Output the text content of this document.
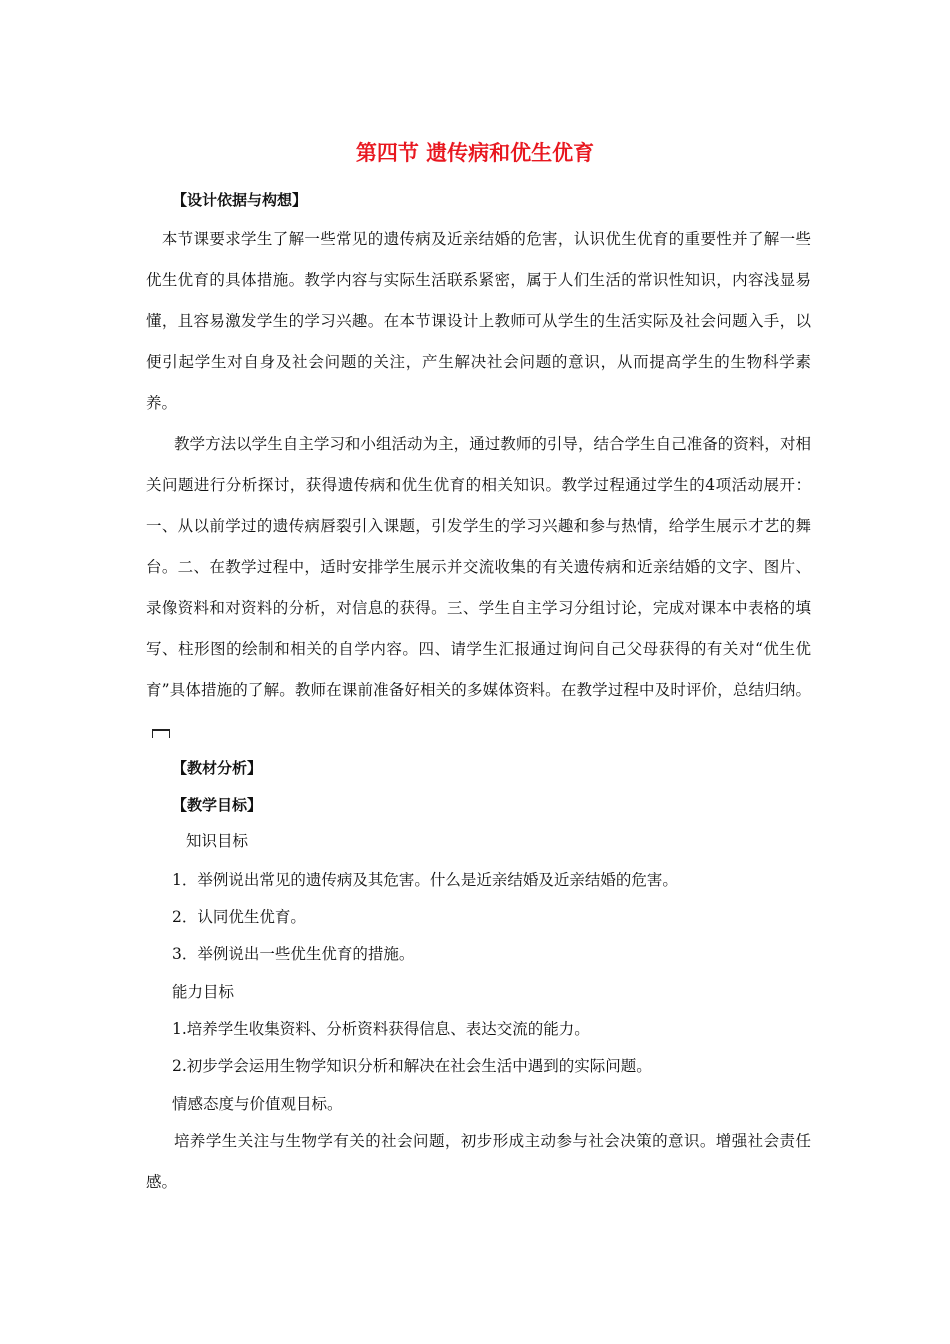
第四节 遗传病和优生优育
【设计依据与构想】

　本节课要求学生了解一些常见的遗传病及近亲结婚的危害，认识优生优育的重要性并了解一些优生优育的具体措施。教学内容与实际生活联系紧密，属于人们生活的常识性知识，内容浅显易懂，且容易激发学生的学习兴趣。在本节课设计上教师可从学生的生活实际及社会问题入手，以便引起学生对自身及社会问题的关注，产生解决社会问题的意识，从而提高学生的生物科学素养。

教学方法以学生自主学习和小组活动为主，通过教师的引导，结合学生自己准备的资料，对相关问题进行分析探讨，获得遗传病和优生优育的相关知识。教学过程通过学生的4项活动展开：一、从以前学过的遗传病唇裂引入课题，引发学生的学习兴趣和参与热情，给学生展示才艺的舞台。二、在教学过程中，适时安排学生展示并交流收集的有关遗传病和近亲结婚的文字、图片、录像资料和对资料的分析，对信息的获得。三、学生自主学习分组讨论，完成对课本中表格的填写、柱形图的绘制和相关的自学内容。四、请学生汇报通过询问自己父母获得的有关对“优生优育”具体措施的了解。教师在课前准备好相关的多媒体资料。在教学过程中及时评价，总结归纳。

【教材分析】
【教学目标】
知识目标
1．举例说出常见的遗传病及其危害。什么是近亲结婚及近亲结婚的危害。
2．认同优生优育。
3．举例说出一些优生优育的措施。
能力目标
1.培养学生收集资料、分析资料获得信息、表达交流的能力。
2.初步学会运用生物学知识分析和解决在社会生活中遇到的实际问题。
情感态度与价值观目标。

培养学生关注与生物学有关的社会问题，初步形成主动参与社会决策的意识。增强社会责任感。
